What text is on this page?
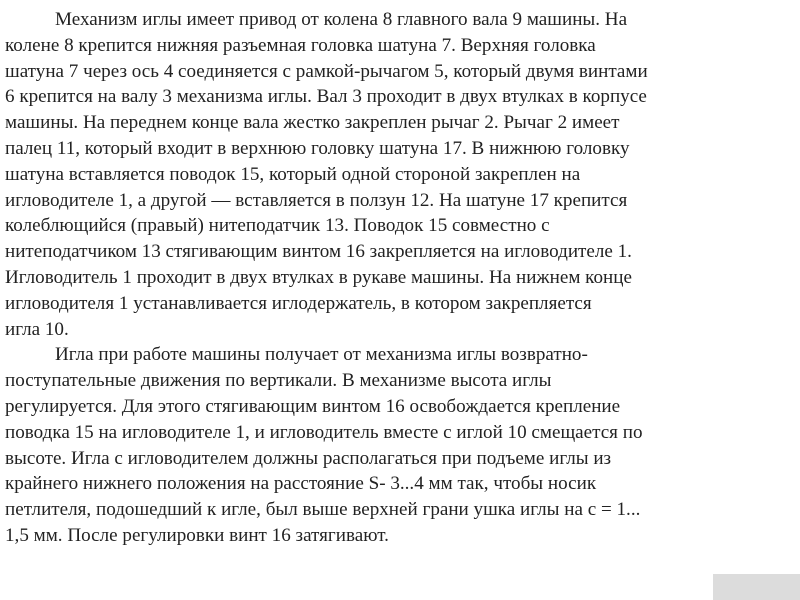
Механизм иглы имеет привод от колена 8 главного вала 9 машины. На
колене 8 крепится нижняя разъемная головка шатуна 7. Верхняя головка
шатуна 7 через ось 4 соединяется с рамкой-рычагом 5, который двумя винтами
6 крепится на валу 3 механизма иглы. Вал 3 проходит в двух втулках в корпусе
машины. На переднем конце вала жестко закреплен рычаг 2. Рычаг 2 имеет
палец 11, который входит в верхнюю головку шатуна 17. В нижнюю головку
шатуна вставляется поводок 15, который одной стороной закреплен на
игловодителе 1, а другой — вставляется в ползун 12. На шатуне 17 крепится
колеблющийся (правый) нитеподатчик 13. Поводок 15 совместно с
нитеподатчиком 13 стягивающим винтом 16 закрепляется на игловодителе 1.
Игловодитель 1 проходит в двух втулках в рукаве машины. На нижнем конце
игловодителя 1 устанавливается иглодержатель, в котором закрепляется
игла 10.

Игла при работе машины получает от механизма иглы возвратно-
поступательные движения по вертикали. В механизме высота иглы
регулируется. Для этого стягивающим винтом 16 освобождается крепление
поводка 15 на игловодителе 1, и игловодитель вместе с иглой 10 смещается по
высоте. Игла с игловодителем должны располагаться при подъеме иглы из
крайнего нижнего положения на расстояние S- 3...4 мм так, чтобы носик
петлителя, подошедший к игле, был выше верхней грани ушка иглы на с = 1...
1,5 мм. После регулировки винт 16 затягивают.
